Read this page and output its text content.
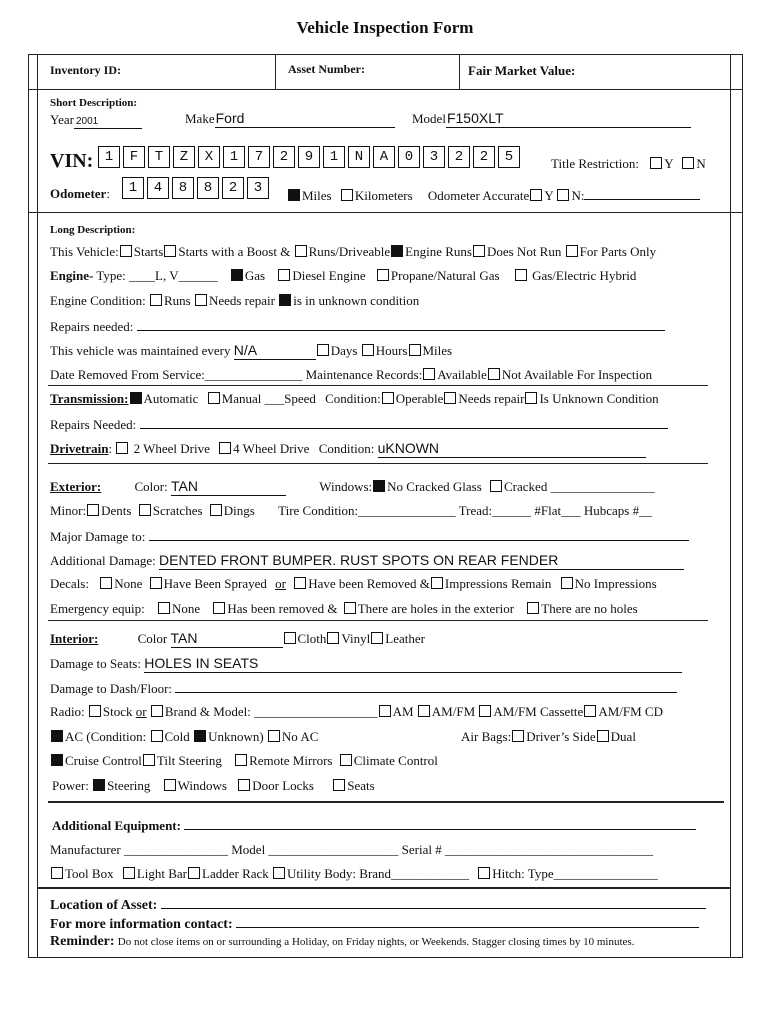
Vehicle Inspection Form
Inventory ID:	Asset Number:	Fair Market Value:
Short Description:
Year 2001	MakeFord	ModelF150XLT
VIN: 1 F T Z X 1 7 2 9 1 N A 0 3 2 2 5	Title Restriction: Y N
Odometer:	1 4 8 8 2 3	Miles Kilometers Odometer Accurate Y N:
Long Description:
This Vehicle: Starts Starts with a Boost & Runs/Driveable Engine Runs Does Not Run For Parts Only
Engine- Type: ____L, V______ Gas Diesel Engine Propane/Natural Gas	Gas/Electric Hybrid
Engine Condition: Runs Needs repair is in unknown condition
Repairs needed:
This vehicle was maintained every N/A	Days Hours Miles
Date Removed From Service:_______________ Maintenance Records: Available Not Available For Inspection
Transmission: Automatic Manual ___Speed Condition: Operable Needs repair Is Unknown Condition
Repairs Needed:
Drivetrain: 2 Wheel Drive 4 Wheel Drive Condition: uKNOWN
Exterior:	Color: TAN	Windows: No Cracked Glass Cracked ________________
Minor: Dents Scratches Dings Tire Condition:_______________ Tread:______ #Flat___ Hubcaps #__
Major Damage to:
Additional Damage: DENTED FRONT BUMPER. RUST SPOTS ON REAR FENDER
Decals: None Have Been Sprayed or Have been Removed & Impressions Remain No Impressions
Emergency equip: None Has been removed & There are holes in the exterior There are no holes
Interior:	Color TAN	Cloth Vinyl Leather
Damage to Seats: HOLES IN SEATS
Damage to Dash/Floor:
Radio: Stock or Brand & Model: ___________________ AM AM/FM AM/FM Cassette AM/FM CD
AC (Condition: Cold Unknown) No AC	Air Bags: Driver’s Side Dual
Cruise Control Tilt Steering Remote Mirrors Climate Control
Power: Steering Windows Door Locks	Seats
Additional Equipment:
Manufacturer ________________ Model ____________________ Serial # ________________________________
Tool Box Light Bar Ladder Rack Utility Body: Brand____________ Hitch: Type________________
Location of Asset:
For more information contact:
Reminder: Do not close items on or surrounding a Holiday, on Friday nights, or Weekends. Stagger closing times by 10 minutes.
